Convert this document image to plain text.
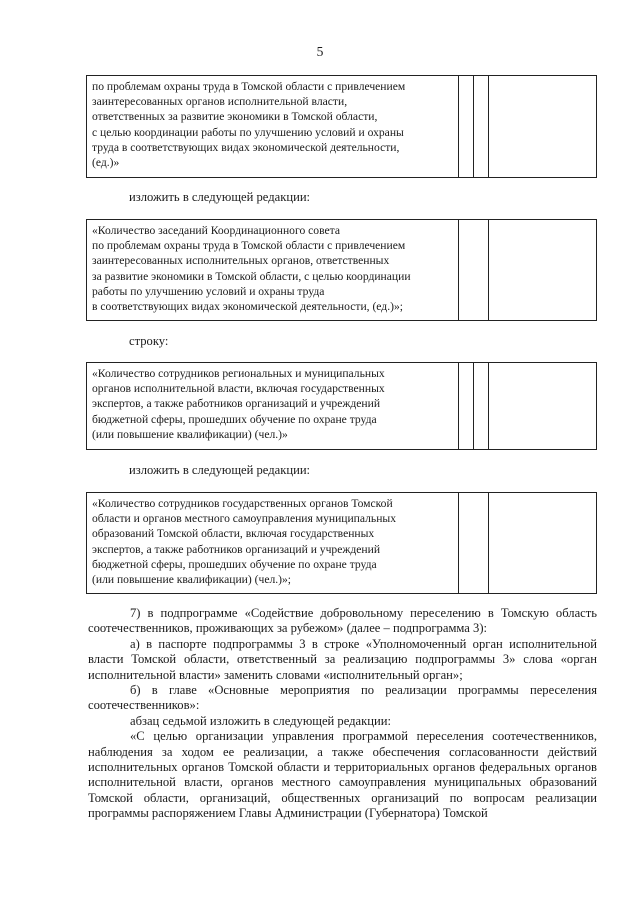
5
по проблемам охраны труда в Томской области с привлечением
заинтересованных органов исполнительной власти,
ответственных за развитие экономики в Томской области,
с целью координации работы по улучшению условий и охраны
труда в соответствующих видах экономической деятельности,
(ед.)»
изложить в следующей редакции:
«Количество заседаний Координационного совета
по проблемам охраны труда в Томской области с привлечением
заинтересованных исполнительных органов, ответственных
за развитие экономики в Томской области, с целью координации
работы по улучшению условий и охраны труда
в соответствующих видах экономической деятельности, (ед.)»;
строку:
«Количество сотрудников региональных и муниципальных
органов исполнительной власти, включая государственных
экспертов, а также работников организаций и учреждений
бюджетной сферы, прошедших обучение по охране труда
(или повышение квалификации) (чел.)»
изложить в следующей редакции:
«Количество сотрудников государственных органов Томской
области и органов местного самоуправления муниципальных
образований Томской области, включая государственных
экспертов, а также работников организаций и учреждений
бюджетной сферы, прошедших обучение по охране труда
(или повышение квалификации) (чел.)»;

7) в подпрограмме «Содействие добровольному переселению в Томскую область соотечественников, проживающих за рубежом» (далее – подпрограмма 3):

а) в паспорте подпрограммы 3 в строке «Уполномоченный орган исполнительной власти Томской области, ответственный за реализацию подпрограммы 3» слова «орган исполнительной власти» заменить словами «исполнительный орган»;

б) в главе «Основные мероприятия по реализации программы переселения соотечественников»:

абзац седьмой изложить в следующей редакции:

«С целью организации управления программой переселения соотечественников, наблюдения за ходом ее реализации, а также обеспечения согласованности действий исполнительных органов Томской области и территориальных органов федеральных органов исполнительной власти, органов местного самоуправления муниципальных образований Томской области, организаций, общественных организаций по вопросам реализации программы распоряжением Главы Администрации (Губернатора) Томской
